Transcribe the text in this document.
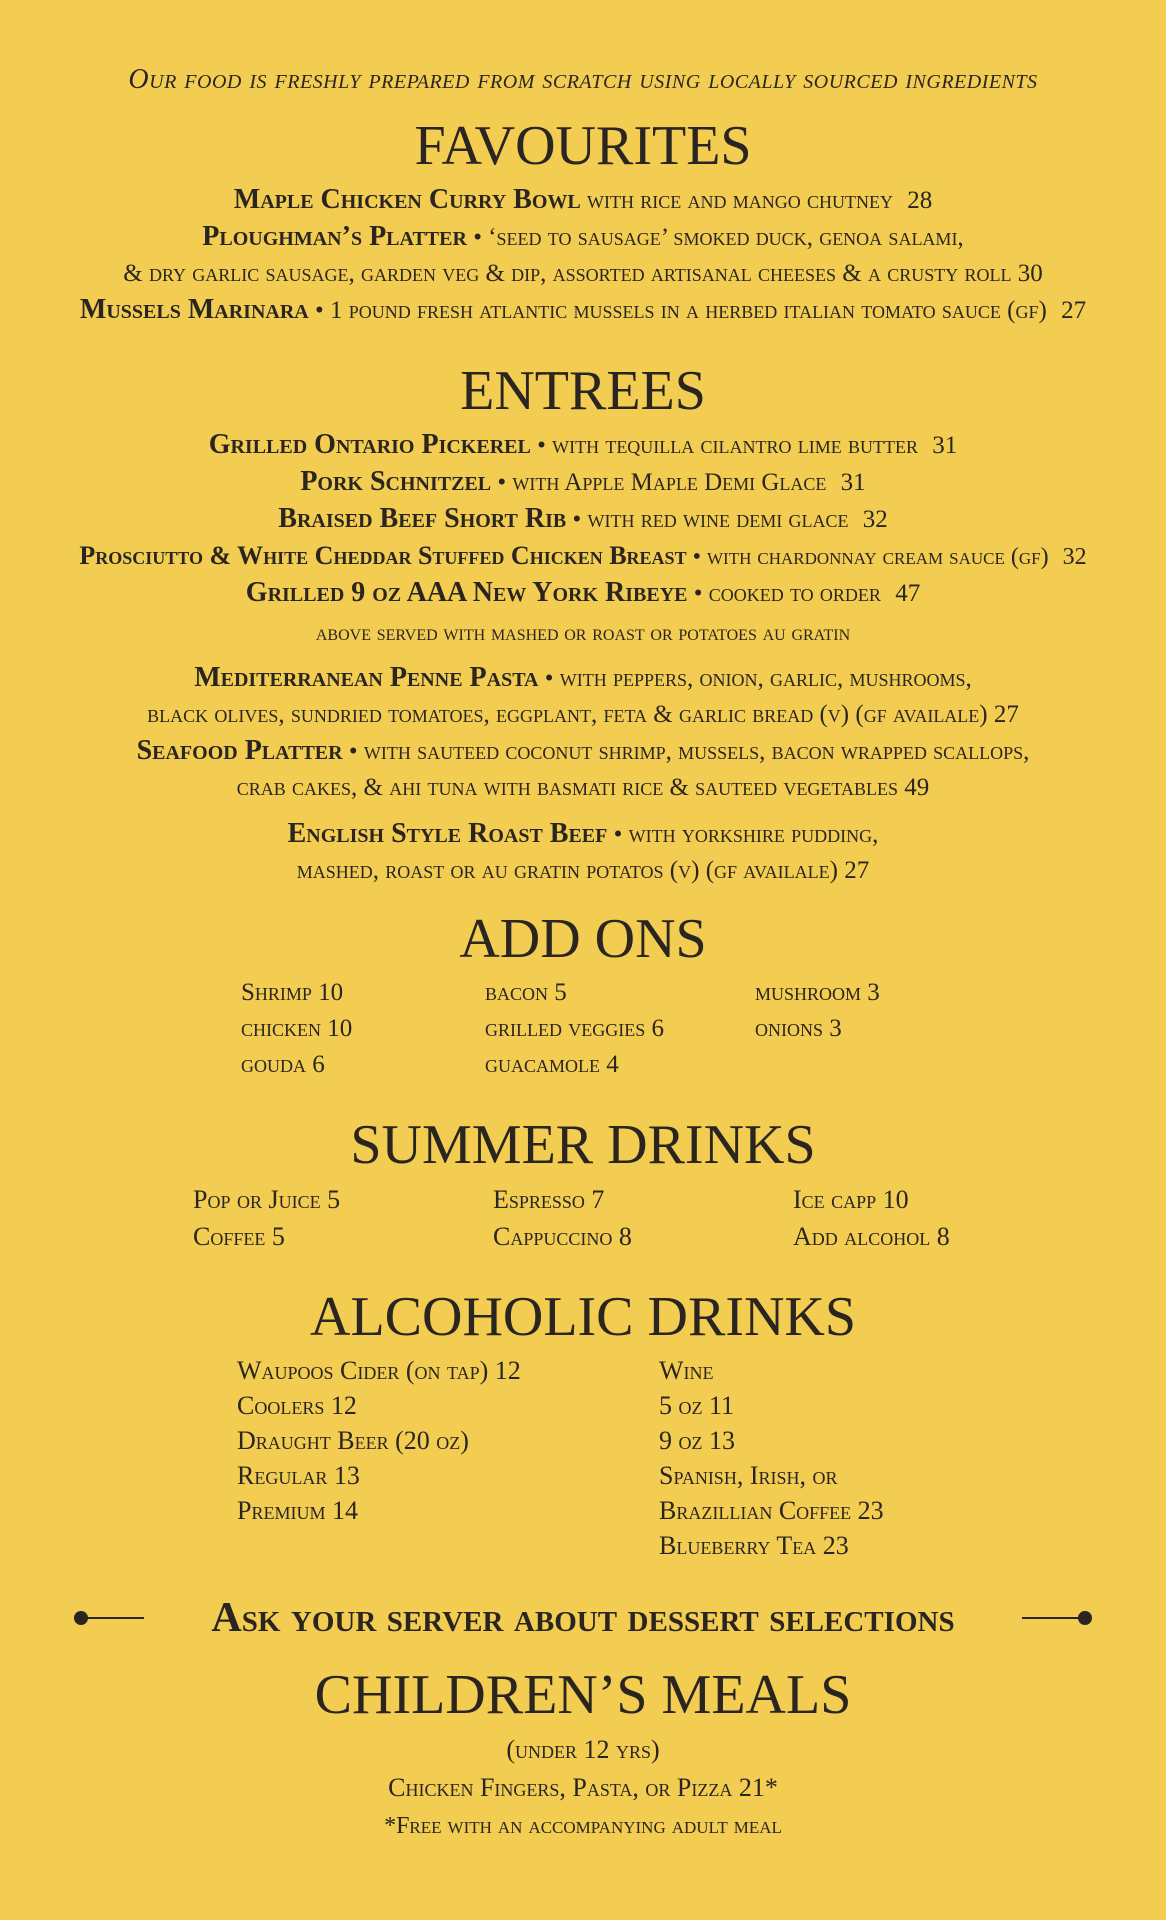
Our food is freshly prepared from scratch using locally sourced ingredients
FAVOURITES
Maple Chicken Curry Bowl with rice and mango chutney 28
Ploughman’s Platter • ‘seed to sausage’ smoked duck, genoa salami,
& dry garlic sausage, garden veg & dip, assorted artisanal cheeses & a crusty roll 30
Mussels Marinara • 1 pound fresh atlantic mussels in a herbed italian tomato sauce (gf) 27
ENTREES
Grilled Ontario Pickerel • with tequilla cilantro lime butter 31
Pork Schnitzel • with Apple Maple Demi Glace 31
Braised Beef Short Rib • with red wine demi glace 32
Prosciutto & White Cheddar Stuffed Chicken Breast • with chardonnay cream sauce (gf) 32
Grilled 9 oz AAA New York Ribeye • cooked to order 47
above served with mashed or roast or potatoes au gratin
Mediterranean Penne Pasta • with peppers, onion, garlic, mushrooms,
black olives, sundried tomatoes, eggplant, feta & garlic bread (v) (gf availale) 27
Seafood Platter • with sauteed coconut shrimp, mussels, bacon wrapped scallops,
crab cakes, & ahi tuna with basmati rice & sauteed vegetables 49
English Style Roast Beef • with yorkshire pudding,
mashed, roast or au gratin potatos (v) (gf availale) 27
ADD ONS
Shrimp 10	bacon 5	mushroom 3
chicken 10	grilled veggies 6	onions 3
gouda 6	guacamole 4
SUMMER DRINKS
Pop or Juice 5	Espresso 7	Ice capp 10
Coffee 5	Cappuccino 8	Add alcohol 8
ALCOHOLIC DRINKS
Waupoos Cider (on tap) 12
Coolers 12
Draught Beer (20 oz)
Regular 13
Premium 14
Wine
5 oz 11
9 oz 13
Spanish, Irish, or
Brazillian Coffee 23
Blueberry Tea 23
Ask your server about dessert selections
CHILDREN’S MEALS
(under 12 yrs)
Chicken Fingers, Pasta, or Pizza 21*
*Free with an accompanying adult meal
